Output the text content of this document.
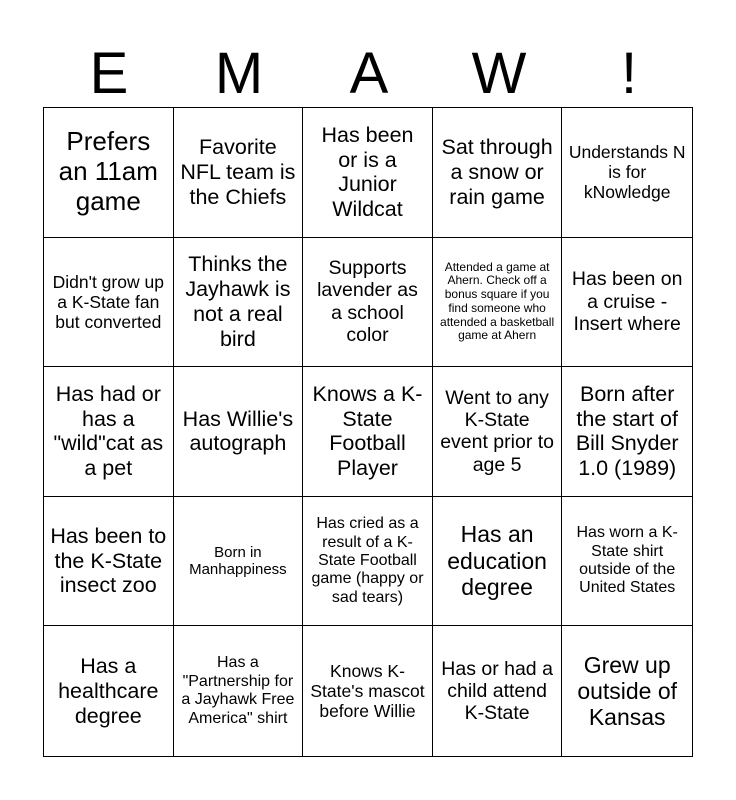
E	M	A	W	!
Prefers an 11am game
Favorite NFL team is the Chiefs
Has been or is a Junior Wildcat
Sat through a snow or rain game
Understands N is for kNowledge
Didn't grow up a K-State fan but converted
Thinks the Jayhawk is not a real bird
Supports lavender as a school color
Attended a game at Ahern. Check off a bonus square if you find someone who attended a basketball game at Ahern
Has been on a cruise - Insert where
Has had or has a "wild"cat as a pet
Has Willie's autograph
Knows a K-State Football Player
Went to any K-State event prior to age 5
Born after the start of Bill Snyder 1.0 (1989)
Has been to the K-State insect zoo
Born in Manhappiness
Has cried as a result of a K-State Football game (happy or sad tears)
Has an education degree
Has worn a K-State shirt outside of the United States
Has a healthcare degree
Has a "Partnership for a Jayhawk Free America" shirt
Knows K-State's mascot before Willie
Has or had a child attend K-State
Grew up outside of Kansas
